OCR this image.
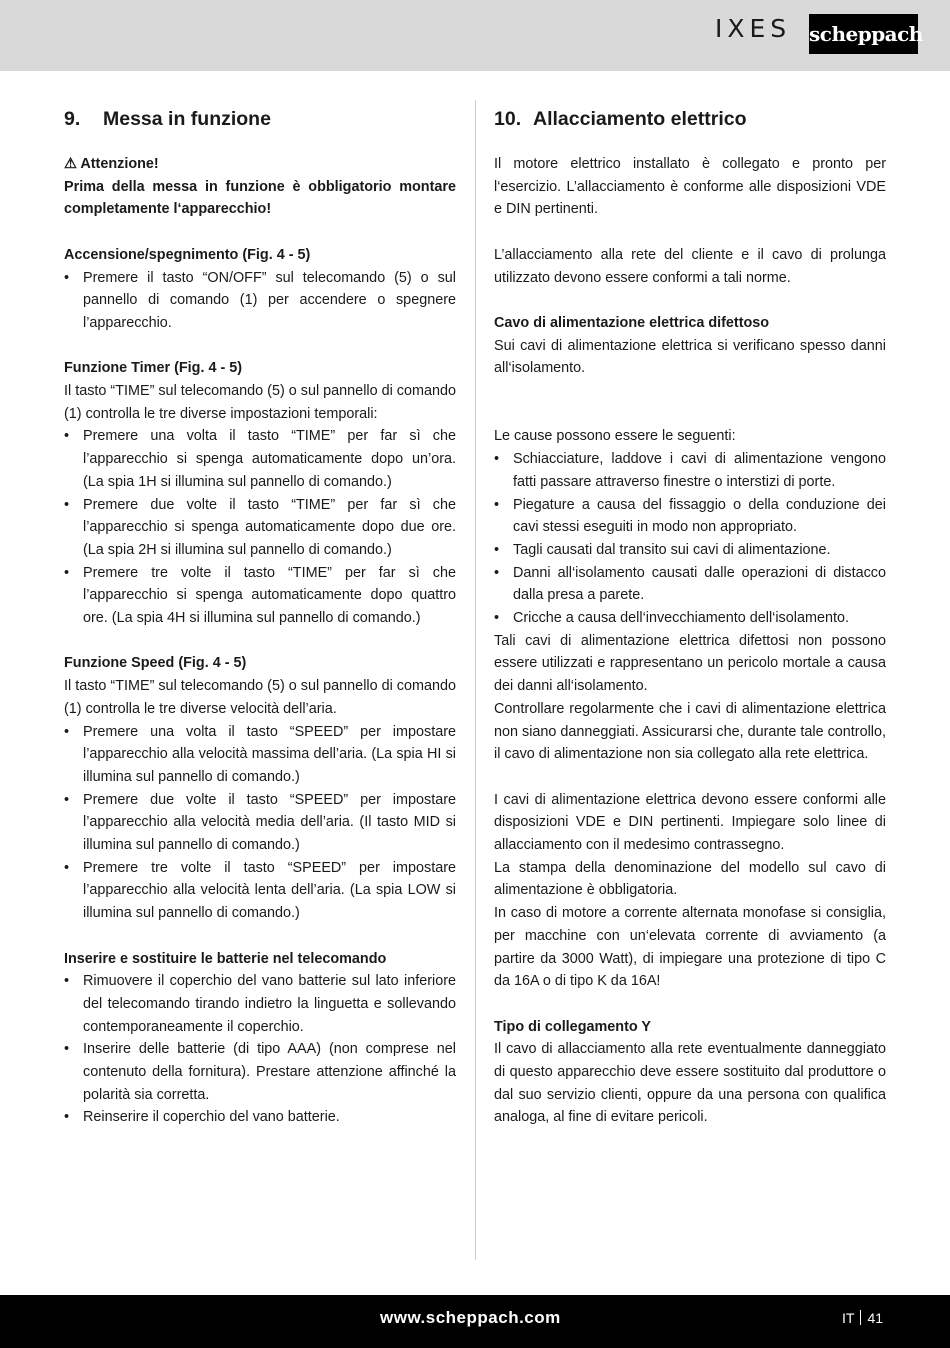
IXES scheppach
9. Messa in funzione

⚠ Attenzione!

Prima della messa in funzione è obbligatorio montare completamente l‘apparecchio!

Accensione/spegnimento (Fig. 4 - 5)

• Premere il tasto “ON/OFF” sul telecomando (5) o sul pannello di comando (1) per accendere o spegnere l’apparecchio.

Funzione Timer (Fig. 4 - 5)

Il tasto “TIME” sul telecomando (5) o sul pannello di comando (1) controlla le tre diverse impostazioni temporali:

• Premere una volta il tasto “TIME” per far sì che l’apparecchio si spenga automaticamente dopo un’ora. (La spia 1H si illumina sul pannello di comando.)
• Premere due volte il tasto “TIME” per far sì che l’apparecchio si spenga automaticamente dopo due ore. (La spia 2H si illumina sul pannello di comando.)
• Premere tre volte il tasto “TIME” per far sì che l’apparecchio si spenga automaticamente dopo quattro ore. (La spia 4H si illumina sul pannello di comando.)

Funzione Speed (Fig. 4 - 5)

Il tasto “TIME” sul telecomando (5) o sul pannello di comando (1) controlla le tre diverse velocità dell’aria.

• Premere una volta il tasto “SPEED” per impostare l’apparecchio alla velocità massima dell’aria. (La spia HI si illumina sul pannello di comando.)
• Premere due volte il tasto “SPEED” per impostare l’apparecchio alla velocità media dell’aria. (Il tasto MID si illumina sul pannello di comando.)
• Premere tre volte il tasto “SPEED” per impostare l’apparecchio alla velocità lenta dell’aria. (La spia LOW si illumina sul pannello di comando.)

Inserire e sostituire le batterie nel telecomando

• Rimuovere il coperchio del vano batterie sul lato inferiore del telecomando tirando indietro la linguetta e sollevando contemporaneamente il coperchio.
• Inserire delle batterie (di tipo AAA) (non comprese nel contenuto della fornitura). Prestare attenzione affinché la polarità sia corretta.
• Reinserire il coperchio del vano batterie.
10. Allacciamento elettrico

Il motore elettrico installato è collegato e pronto per l‘esercizio. L’allacciamento è conforme alle disposizioni VDE e DIN pertinenti.

L’allacciamento alla rete del cliente e il cavo di prolunga utilizzato devono essere conformi a tali norme.

Cavo di alimentazione elettrica difettoso

Sui cavi di alimentazione elettrica si verificano spesso danni all‘isolamento.

Le cause possono essere le seguenti:

• Schiacciature, laddove i cavi di alimentazione vengono fatti passare attraverso finestre o interstizi di porte.
• Piegature a causa del fissaggio o della conduzione dei cavi stessi eseguiti in modo non appropriato.
• Tagli causati dal transito sui cavi di alimentazione.
• Danni all‘isolamento causati dalle operazioni di distacco dalla presa a parete.
• Cricche a causa dell‘invecchiamento dell‘isolamento.

Tali cavi di alimentazione elettrica difettosi non possono essere utilizzati e rappresentano un pericolo mortale a causa dei danni all‘isolamento.

Controllare regolarmente che i cavi di alimentazione elettrica non siano danneggiati. Assicurarsi che, durante tale controllo, il cavo di alimentazione non sia collegato alla rete elettrica.

I cavi di alimentazione elettrica devono essere conformi alle disposizioni VDE e DIN pertinenti. Impiegare solo linee di allacciamento con il medesimo contrassegno.

La stampa della denominazione del modello sul cavo di alimentazione è obbligatoria.

In caso di motore a corrente alternata monofase si consiglia, per macchine con un‘elevata corrente di avviamento (a partire da 3000 Watt), di impiegare una protezione di tipo C da 16A o di tipo K da 16A!

Tipo di collegamento Y

Il cavo di allacciamento alla rete eventualmente danneggiato di questo apparecchio deve essere sostituito dal produttore o dal suo servizio clienti, oppure da una persona con qualifica analoga, al fine di evitare pericoli.

www.scheppach.com	IT 41
